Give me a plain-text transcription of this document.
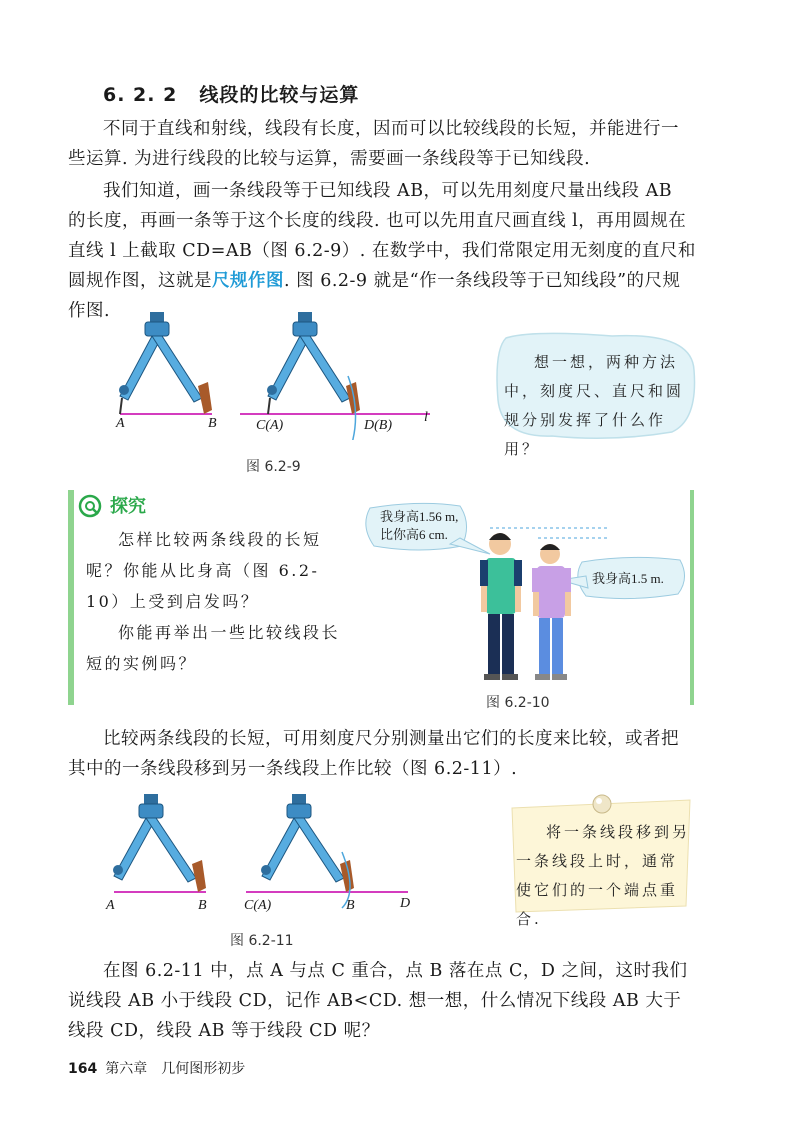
6. 2. 2 线段的比较与运算
不同于直线和射线，线段有长度，因而可以比较线段的长短，并能进行一些运算. 为进行线段的比较与运算，需要画一条线段等于已知线段.
我们知道，画一条线段等于已知线段 AB，可以先用刻度尺量出线段 AB 的长度，再画一条等于这个长度的线段. 也可以先用直尺画直线 l，再用圆规在直线 l 上截取 CD=AB（图 6.2-9）. 在数学中，我们常限定用无刻度的直尺和圆规作图，这就是尺规作图. 图 6.2-9 就是“作一条线段等于已知线段”的尺规作图.
A	B	C(A)	D(B)
l
图 6.2-9
想一想，两种方法中，刻度尺、直尺和圆规分别发挥了什么作用？
探究
怎样比较两条线段的长短呢？你能从比身高（图 6.2-10）上受到启发吗？
你能再举出一些比较线段长短的实例吗？
我身高1.56 m,
比你高6 cm.
我身高1.5 m.
图 6.2-10
比较两条线段的长短，可用刻度尺分别测量出它们的长度来比较，或者把其中的一条线段移到另一条线段上作比较（图 6.2-11）.
A	B	C(A)	B	D
图 6.2-11
将一条线段移到另一条线段上时，通常使它们的一个端点重合.
在图 6.2-11 中，点 A 与点 C 重合，点 B 落在点 C，D 之间，这时我们说线段 AB 小于线段 CD，记作 AB<CD. 想一想，什么情况下线段 AB 大于线段 CD，线段 AB 等于线段 CD 呢？
164 第六章　几何图形初步
